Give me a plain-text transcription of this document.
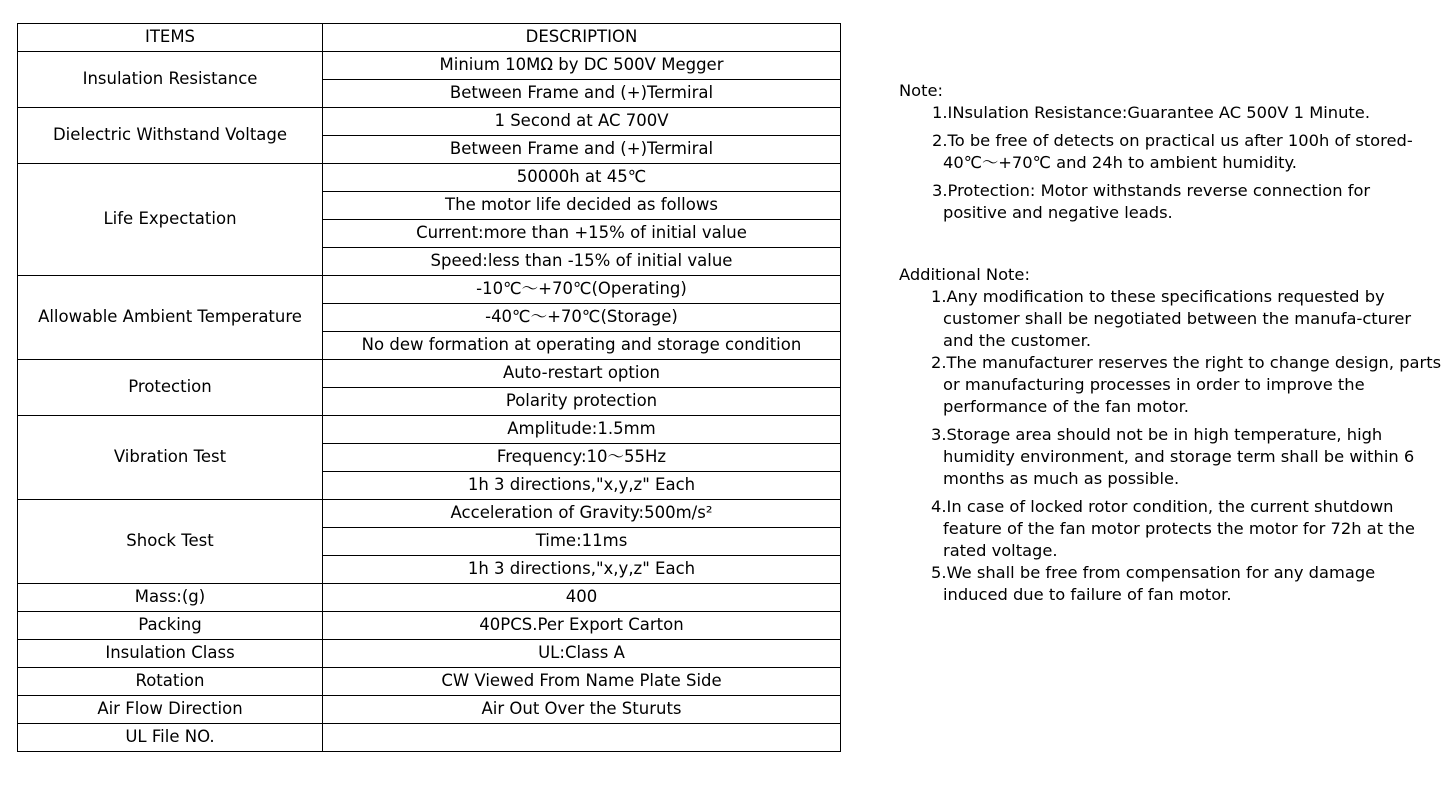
ITEMS	DESCRIPTION
Insulation Resistance	Minium 10MΩ by DC 500V Megger
	Between Frame and (+)Termiral
Dielectric Withstand Voltage	1 Second at AC 700V
	Between Frame and (+)Termiral
Life Expectation	50000h at 45℃
	The motor life decided as follows
	Current:more than +15% of initial value
	Speed:less than -15% of initial value
Allowable Ambient Temperature	-10℃～+70℃(Operating)
	-40℃～+70℃(Storage)
	No dew formation at operating and storage condition
Protection	Auto-restart option
	Polarity protection
Vibration Test	Amplitude:1.5mm
	Frequency:10～55Hz
	1h 3 directions,"x,y,z" Each
Shock Test	Acceleration of Gravity:500m/s²
	Time:11ms
	1h 3 directions,"x,y,z" Each
Mass:(g)	400
Packing	40PCS.Per Export Carton
Insulation Class	UL:Class A
Rotation	CW Viewed From Name Plate Side
Air Flow Direction	Air Out Over the Sturuts
UL File NO.	
Note:
1.INsulation Resistance:Guarantee AC 500V 1 Minute.
2.To be free of detects on practical us after 100h of stored-40℃～+70℃ and 24h to ambient humidity.
3.Protection: Motor withstands reverse connection for positive and negative leads.
Additional Note:
1.Any modification to these specifications requested by customer shall be negotiated between the manufa-cturer and the customer.
2.The manufacturer reserves the right to change design, parts or manufacturing processes in order to improve the performance of the fan motor.
3.Storage area should not be in high temperature, high humidity environment, and storage term shall be within 6 months as much as possible.
4.In case of locked rotor condition, the current shutdown feature of the fan motor protects the motor for 72h at the rated voltage.
5.We shall be free from compensation for any damage induced due to failure of fan motor.
